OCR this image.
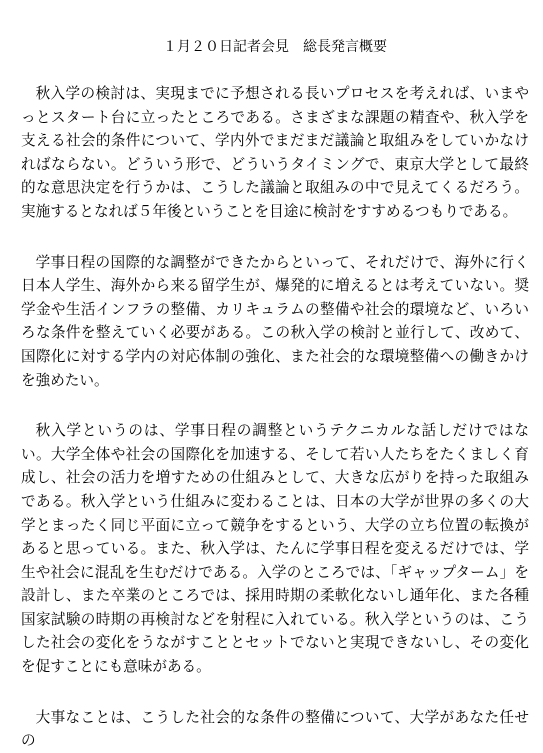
１月２０日記者会見　総長発言概要

秋入学の検討は、実現までに予想される長いプロセスを考えれば、いまやっとスタート台に立ったところである。さまざまな課題の精査や、秋入学を支える社会的条件について、学内外でまだまだ議論と取組みをしていかなければならない。どういう形で、どういうタイミングで、東京大学として最終的な意思決定を行うかは、こうした議論と取組みの中で見えてくるだろう。実施するとなれば５年後ということを目途に検討をすすめるつもりである。

学事日程の国際的な調整ができたからといって、それだけで、海外に行く日本人学生、海外から来る留学生が、爆発的に増えるとは考えていない。奨学金や生活インフラの整備、カリキュラムの整備や社会的環境など、いろいろな条件を整えていく必要がある。この秋入学の検討と並行して、改めて、国際化に対する学内の対応体制の強化、また社会的な環境整備への働きかけを強めたい。

秋入学というのは、学事日程の調整というテクニカルな話しだけではない。大学全体や社会の国際化を加速する、そして若い人たちをたくましく育成し、社会の活力を増すための仕組みとして、大きな広がりを持った取組みである。秋入学という仕組みに変わることは、日本の大学が世界の多くの大学とまったく同じ平面に立って競争をするという、大学の立ち位置の転換があると思っている。また、秋入学は、たんに学事日程を変えるだけでは、学生や社会に混乱を生むだけである。入学のところでは、「ギャップターム」を設計し、また卒業のところでは、採用時期の柔軟化ないし通年化、また各種国家試験の時期の再検討などを射程に入れている。秋入学というのは、こうした社会の変化をうながすこととセットでないと実現できないし、その変化を促すことにも意味がある。

大事なことは、こうした社会的な条件の整備について、大学があなた任せの
